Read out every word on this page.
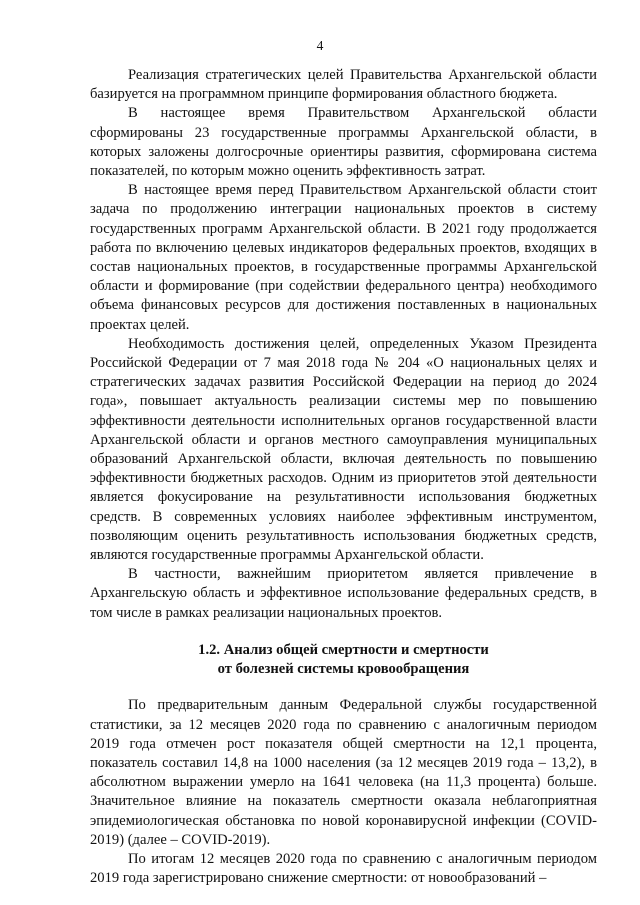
4

Реализация стратегических целей Правительства Архангельской области базируется на программном принципе формирования областного бюджета.

В настоящее время Правительством Архангельской области сформированы 23 государственные программы Архангельской области, в которых заложены долгосрочные ориентиры развития, сформирована система показателей, по которым можно оценить эффективность затрат.

В настоящее время перед Правительством Архангельской области стоит задача по продолжению интеграции национальных проектов в систему государственных программ Архангельской области. В 2021 году продолжается работа по включению целевых индикаторов федеральных проектов, входящих в состав национальных проектов, в государственные программы Архангельской области и формирование (при содействии федерального центра) необходимого объема финансовых ресурсов для достижения поставленных в национальных проектах целей.

Необходимость достижения целей, определенных Указом Президента Российской Федерации от 7 мая 2018 года № 204 «О национальных целях и стратегических задачах развития Российской Федерации на период до 2024 года», повышает актуальность реализации системы мер по повышению эффективности деятельности исполнительных органов государственной власти Архангельской области и органов местного самоуправления муниципальных образований Архангельской области, включая деятельность по повышению эффективности бюджетных расходов. Одним из приоритетов этой деятельности является фокусирование на результативности использования бюджетных средств. В современных условиях наиболее эффективным инструментом, позволяющим оценить результативность использования бюджетных средств, являются государственные программы Архангельской области.

В частности, важнейшим приоритетом является привлечение в Архангельскую область и эффективное использование федеральных средств, в том числе в рамках реализации национальных проектов.

1.2. Анализ общей смертности и смертности
от болезней системы кровообращения

По предварительным данным Федеральной службы государственной статистики, за 12 месяцев 2020 года по сравнению с аналогичным периодом 2019 года отмечен рост показателя общей смертности на 12,1 процента, показатель составил 14,8 на 1000 населения (за 12 месяцев 2019 года – 13,2), в абсолютном выражении умерло на 1641 человека (на 11,3 процента) больше. Значительное влияние на показатель смертности оказала неблагоприятная эпидемиологическая обстановка по новой коронавирусной инфекции (COVID-2019) (далее – COVID-2019).

По итогам 12 месяцев 2020 года по сравнению с аналогичным периодом 2019 года зарегистрировано снижение смертности: от новообразований –
